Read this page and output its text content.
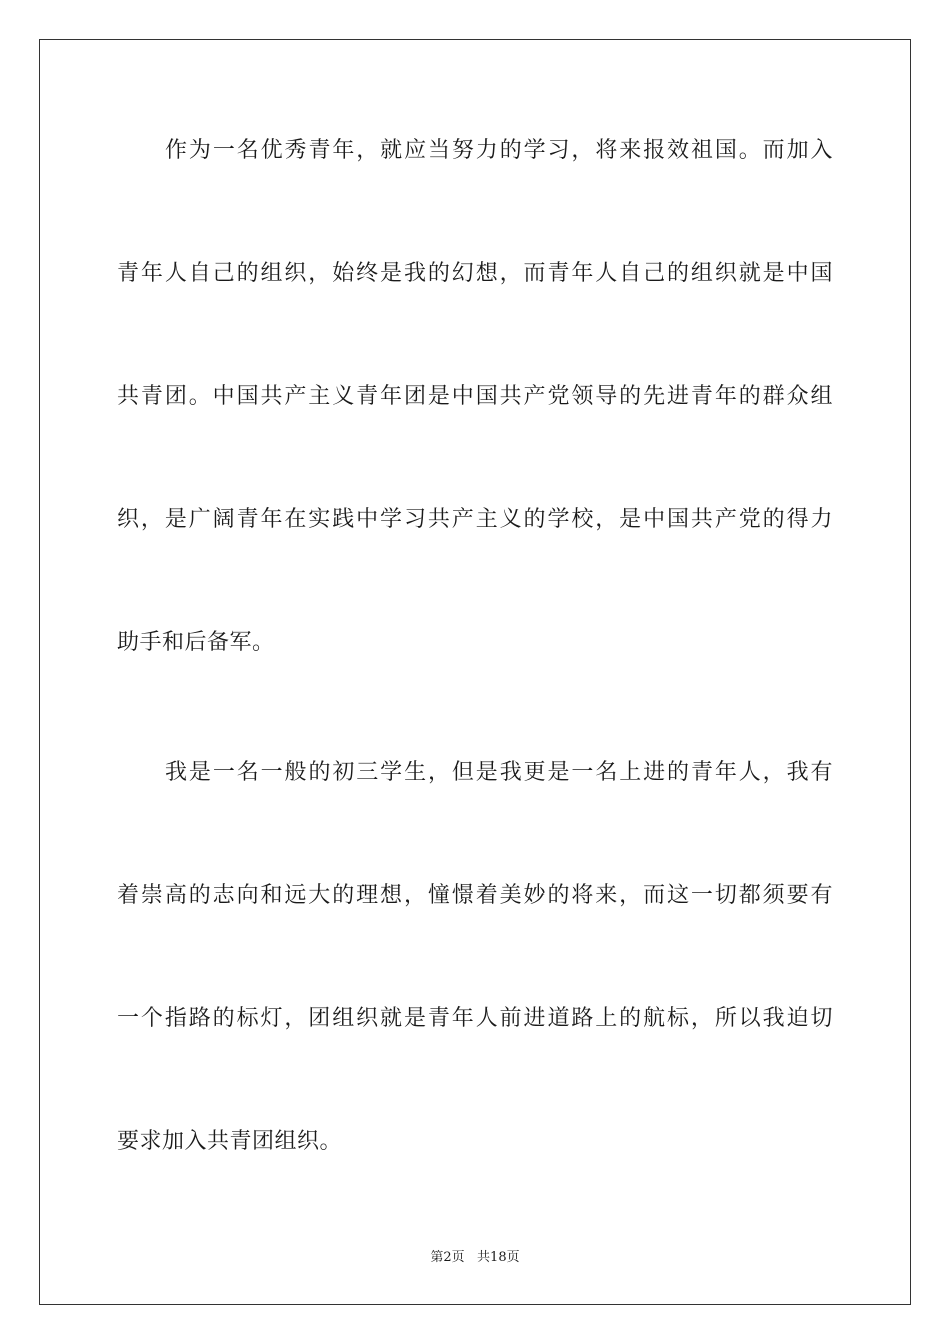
作为一名优秀青年，就应当努力的学习，将来报效祖国。而加入
青年人自己的组织，始终是我的幻想，而青年人自己的组织就是中国
共青团。中国共产主义青年团是中国共产党领导的先进青年的群众组
织，是广阔青年在实践中学习共产主义的学校，是中国共产党的得力
助手和后备军。
我是一名一般的初三学生，但是我更是一名上进的青年人，我有
着崇高的志向和远大的理想，憧憬着美妙的将来，而这一切都须要有
一个指路的标灯，团组织就是青年人前进道路上的航标，所以我迫切
要求加入共青团组织。
第2页   共18页
